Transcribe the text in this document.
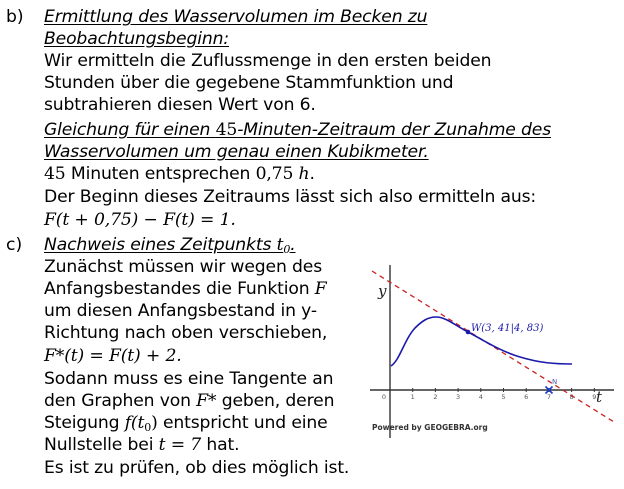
b) Ermittlung des Wasservolumen im Becken zu
Beobachtungsbeginn:
Wir ermitteln die Zuflussmenge in den ersten beiden
Stunden über die gegebene Stammfunktion und
subtrahieren diesen Wert von 6.
Gleichung für einen 45-Minuten-Zeitraum der Zunahme des
Wasservolumen um genau einen Kubikmeter.
45 Minuten entsprechen 0,75 h.
Der Beginn dieses Zeitraums lässt sich also ermitteln aus:
F(t + 0,75) − F(t) = 1.
c) Nachweis eines Zeitpunkts $t_0$.
Zunächst müssen wir wegen des
Anfangsbestandes die Funktion F
um diesen Anfangsbestand in y-
Richtung nach oben verschieben,
F*(t) = F(t) + 2.
Sodann muss es eine Tangente an
den Graphen von F* geben, deren
Steigung $f(t_0)$ entspricht und eine
Nullstelle bei t = 7 hat.
Es ist zu prüfen, ob dies möglich ist.
0	1	2	3	4	5	6	7	8	9
y
t
W(3, 41|4, 83)
N
Powered by GEOGEBRA.org
